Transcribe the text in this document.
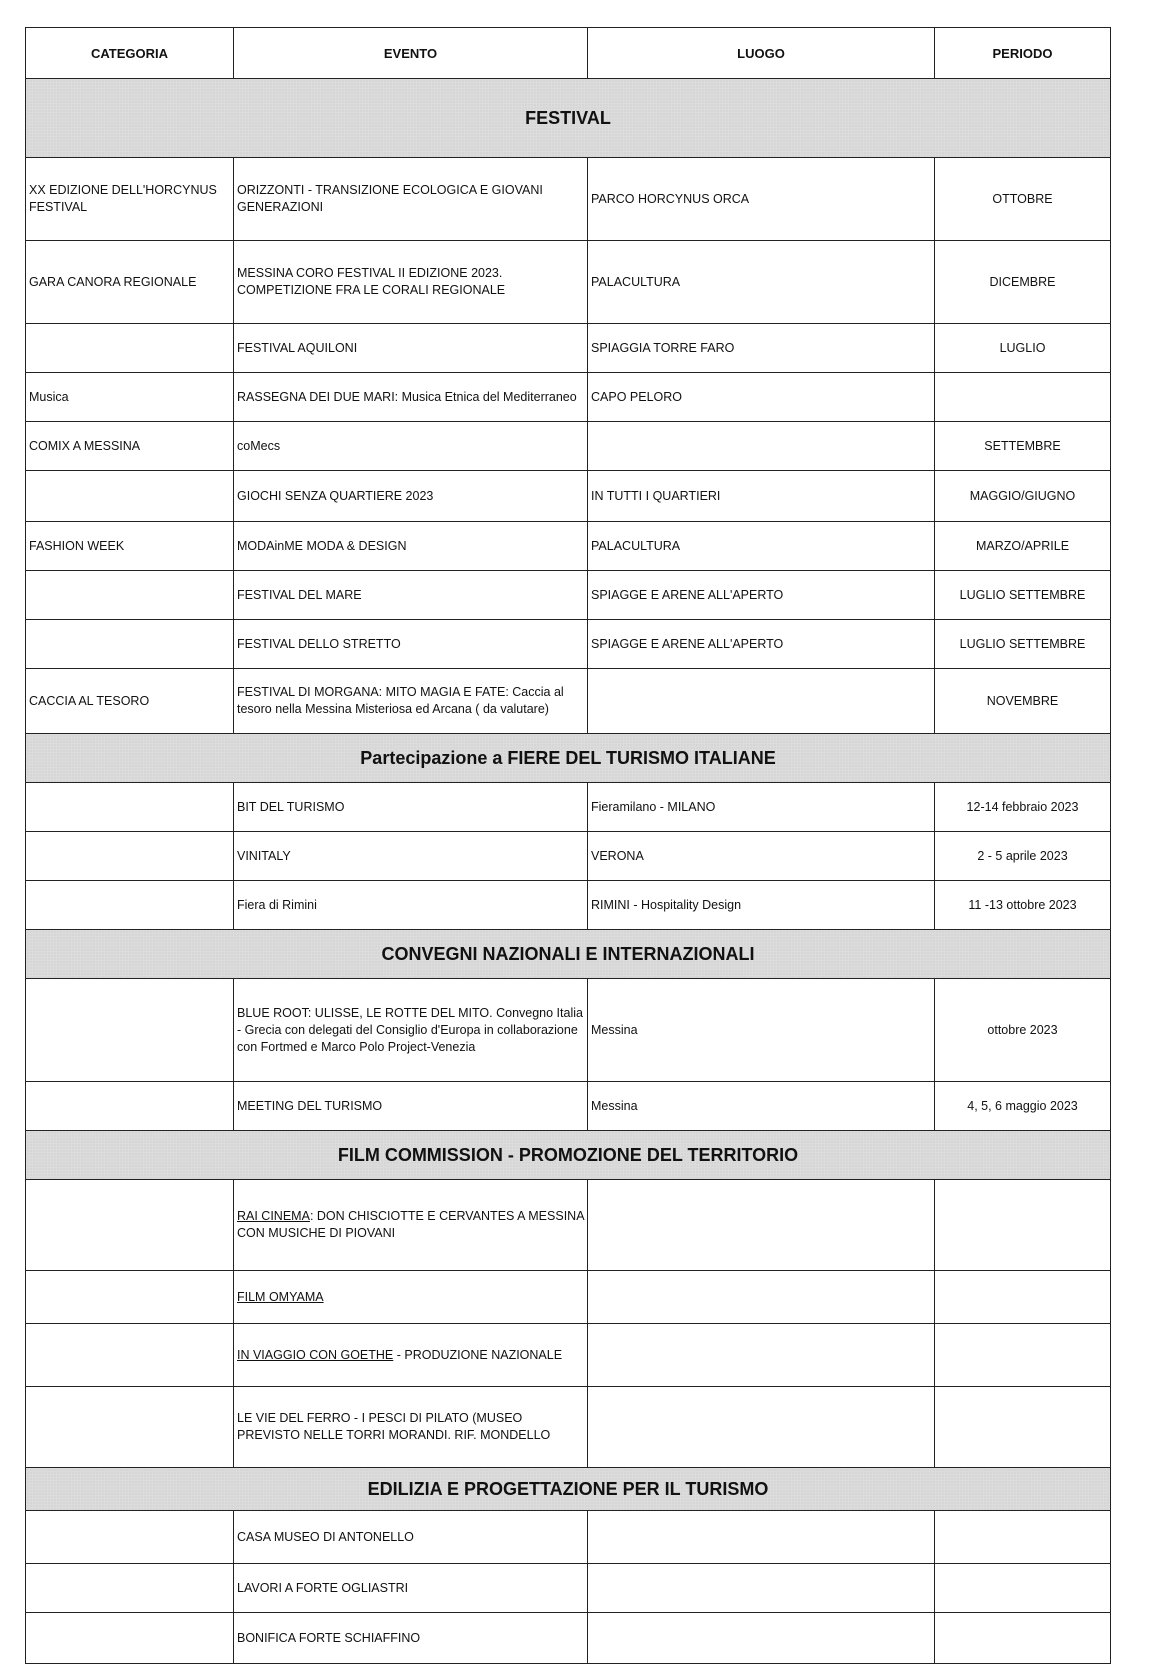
CATEGORIA	EVENTO	LUOGO	PERIODO
FESTIVAL			
XX EDIZIONE DELL'HORCYNUS FESTIVAL	ORIZZONTI - TRANSIZIONE ECOLOGICA E GIOVANI GENERAZIONI	PARCO HORCYNUS ORCA	OTTOBRE
GARA CANORA REGIONALE	MESSINA CORO FESTIVAL II EDIZIONE 2023. COMPETIZIONE FRA LE CORALI REGIONALE	PALACULTURA	DICEMBRE
	FESTIVAL AQUILONI	SPIAGGIA TORRE FARO	LUGLIO
Musica	RASSEGNA DEI DUE MARI: Musica Etnica del Mediterraneo	CAPO PELORO	
COMIX A MESSINA	coMecs		SETTEMBRE
	GIOCHI SENZA QUARTIERE 2023	IN TUTTI I QUARTIERI	MAGGIO/GIUGNO
FASHION WEEK	MODAinME MODA & DESIGN	PALACULTURA	MARZO/APRILE
	FESTIVAL DEL MARE	SPIAGGE E ARENE ALL'APERTO	LUGLIO SETTEMBRE
	FESTIVAL DELLO STRETTO	SPIAGGE E ARENE ALL'APERTO	LUGLIO SETTEMBRE
CACCIA AL TESORO	FESTIVAL DI MORGANA: MITO MAGIA E FATE: Caccia al tesoro nella Messina Misteriosa ed Arcana ( da valutare)		NOVEMBRE
Partecipazione a FIERE DEL TURISMO ITALIANE			
	BIT DEL TURISMO	Fieramilano - MILANO	12-14 febbraio 2023
	VINITALY	VERONA	2 - 5 aprile 2023
	Fiera di Rimini	RIMINI - Hospitality Design	11 -13 ottobre 2023
CONVEGNI NAZIONALI E INTERNAZIONALI			
	BLUE ROOT: ULISSE, LE ROTTE DEL MITO. Convegno Italia - Grecia con delegati del Consiglio d'Europa in collaborazione con Fortmed e Marco Polo Project-Venezia	Messina	ottobre 2023
	MEETING DEL TURISMO	Messina	4, 5, 6 maggio 2023
FILM COMMISSION - PROMOZIONE DEL TERRITORIO			
	RAI CINEMA: DON CHISCIOTTE E CERVANTES A MESSINA CON MUSICHE DI PIOVANI		
	FILM OMYAMA		
	IN VIAGGIO CON GOETHE - PRODUZIONE NAZIONALE		
	LE VIE DEL FERRO - I PESCI DI PILATO (MUSEO PREVISTO NELLE TORRI MORANDI. RIF. MONDELLO		
EDILIZIA E PROGETTAZIONE PER IL TURISMO			
	CASA MUSEO DI ANTONELLO		
	LAVORI A FORTE OGLIASTRI		
	BONIFICA FORTE SCHIAFFINO		
